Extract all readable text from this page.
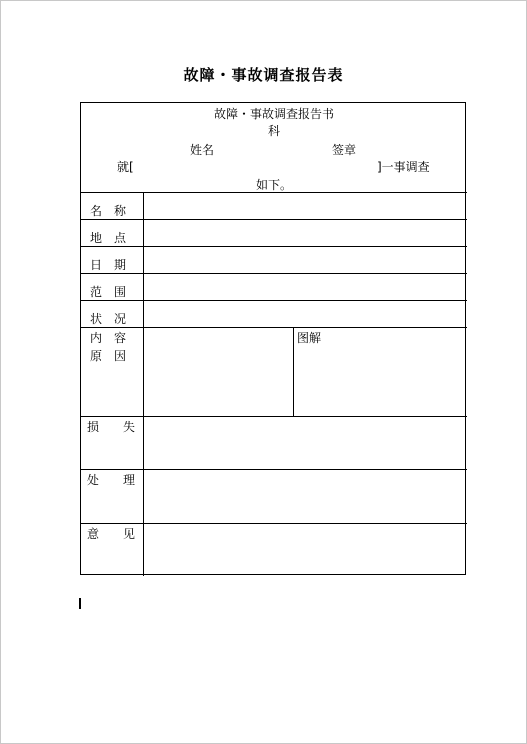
故障・事故调查报告表
故障・事故调查报告书
科
姓名	签章
就[	]一事调查
如下。
名　称
地　点
日　期
范　围
状　况
内　容
原　因
图解
损　　失
处　　理
意　　见
